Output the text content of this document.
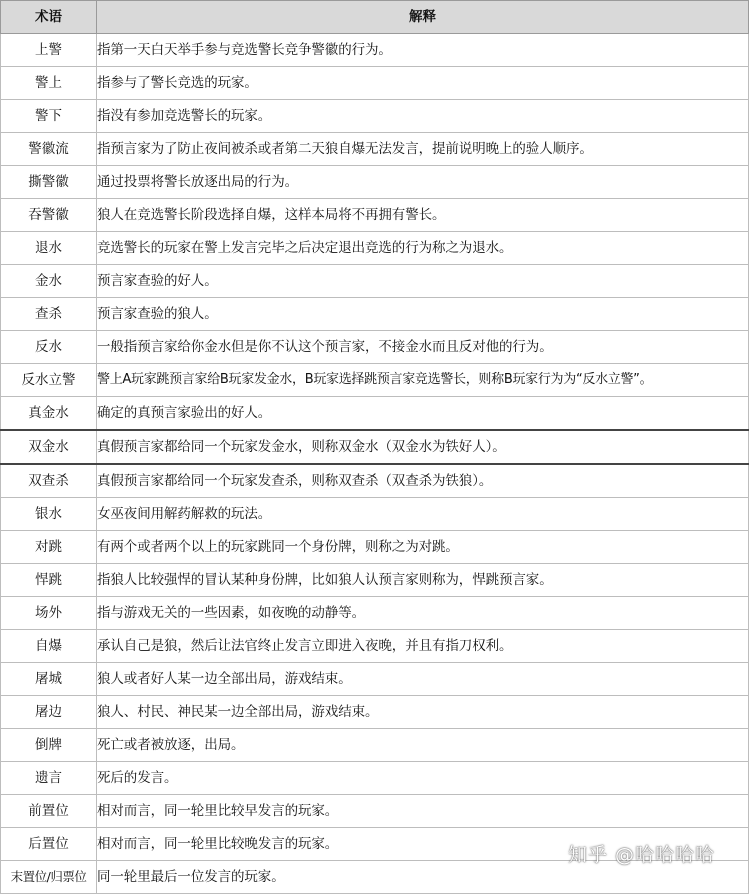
术语	解释
上警	指第一天白天举手参与竞选警长竞争警徽的行为。
警上	指参与了警长竞选的玩家。
警下	指没有参加竞选警长的玩家。
警徽流	指预言家为了防止夜间被杀或者第二天狼自爆无法发言，提前说明晚上的验人顺序。
撕警徽	通过投票将警长放逐出局的行为。
吞警徽	狼人在竞选警长阶段选择自爆，这样本局将不再拥有警长。
退水	竞选警长的玩家在警上发言完毕之后决定退出竞选的行为称之为退水。
金水	预言家查验的好人。
查杀	预言家查验的狼人。
反水	一般指预言家给你金水但是你不认这个预言家，不接金水而且反对他的行为。
反水立警	警上A玩家跳预言家给B玩家发金水，B玩家选择跳预言家竞选警长，则称B玩家行为为“反水立警”。
真金水	确定的真预言家验出的好人。
双金水	真假预言家都给同一个玩家发金水，则称双金水（双金水为铁好人）。
双查杀	真假预言家都给同一个玩家发查杀，则称双查杀（双查杀为铁狼）。
银水	女巫夜间用解药解救的玩法。
对跳	有两个或者两个以上的玩家跳同一个身份牌，则称之为对跳。
悍跳	指狼人比较强悍的冒认某种身份牌，比如狼人认预言家则称为，悍跳预言家。
场外	指与游戏无关的一些因素，如夜晚的动静等。
自爆	承认自己是狼，然后让法官终止发言立即进入夜晚，并且有指刀权利。
屠城	狼人或者好人某一边全部出局，游戏结束。
屠边	狼人、村民、神民某一边全部出局，游戏结束。
倒牌	死亡或者被放逐，出局。
遗言	死后的发言。
前置位	相对而言，同一轮里比较早发言的玩家。
后置位	相对而言，同一轮里比较晚发言的玩家。
末置位/归票位	同一轮里最后一位发言的玩家。
知乎 @哈哈哈哈
